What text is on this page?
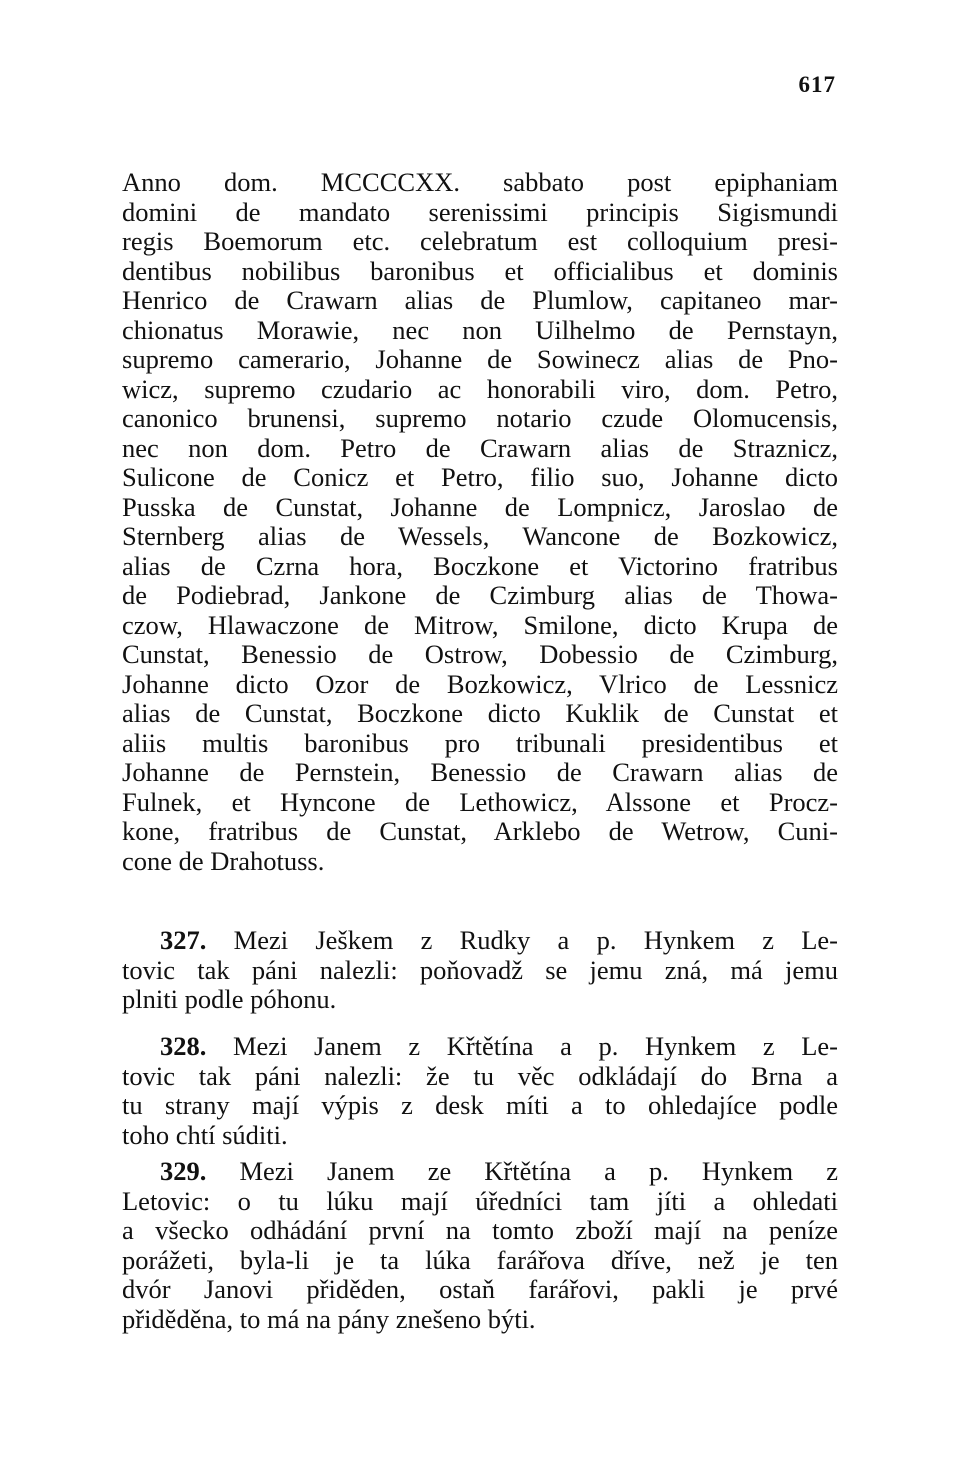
617
Anno dom. MCCCCXX. sabbato post epiphaniam
domini de mandato serenissimi principis Sigismundi
regis Boemorum etc. celebratum est colloquium presi-
dentibus nobilibus baronibus et officialibus et dominis
Henrico de Crawarn alias de Plumlow, capitaneo mar-
chionatus Morawie, nec non Uilhelmo de Pernstayn,
supremo camerario, Johanne de Sowinecz alias de Pno-
wicz, supremo czudario ac honorabili viro, dom. Petro,
canonico brunensi, supremo notario czude Olomucensis,
nec non dom. Petro de Crawarn alias de Straznicz,
Sulicone de Conicz et Petro, filio suo, Johanne dicto
Pusska de Cunstat, Johanne de Lompnicz, Jaroslao de
Sternberg alias de Wessels, Wancone de Bozkowicz,
alias de Czrna hora, Boczkone et Victorino fratribus
de Podiebrad, Jankone de Czimburg alias de Thowa-
czow, Hlawaczone de Mitrow, Smilone, dicto Krupa de
Cunstat, Benessio de Ostrow, Dobessio de Czimburg,
Johanne dicto Ozor de Bozkowicz, Vlrico de Lessnicz
alias de Cunstat, Boczkone dicto Kuklik de Cunstat et
aliis multis baronibus pro tribunali presidentibus et
Johanne de Pernstein, Benessio de Crawarn alias de
Fulnek, et Hyncone de Lethowicz, Alssone et Procz-
kone, fratribus de Cunstat, Arklebo de Wetrow, Cuni-
cone de Drahotuss.
327. Mezi Ješkem z Rudky a p. Hynkem z Le-
tovic tak páni nalezli: poňovadž se jemu zná, má jemu
plniti podle póhonu.
328. Mezi Janem z Křtětína a p. Hynkem z Le-
tovic tak páni nalezli: že tu věc odkládají do Brna a
tu strany mají výpis z desk míti a to ohledajíce podle
toho chtí súditi.
329. Mezi Janem ze Křtětína a p. Hynkem z
Letovic: o tu lúku mají úředníci tam jíti a ohledati
a všecko odhádání první na tomto zboží mají na peníze
porážeti, byla-li je ta lúka farářova dříve, než je ten
dvór Janovi přiděden, ostaň farářovi, pakli je prvé
přiděděna, to má na pány znešeno býti.
